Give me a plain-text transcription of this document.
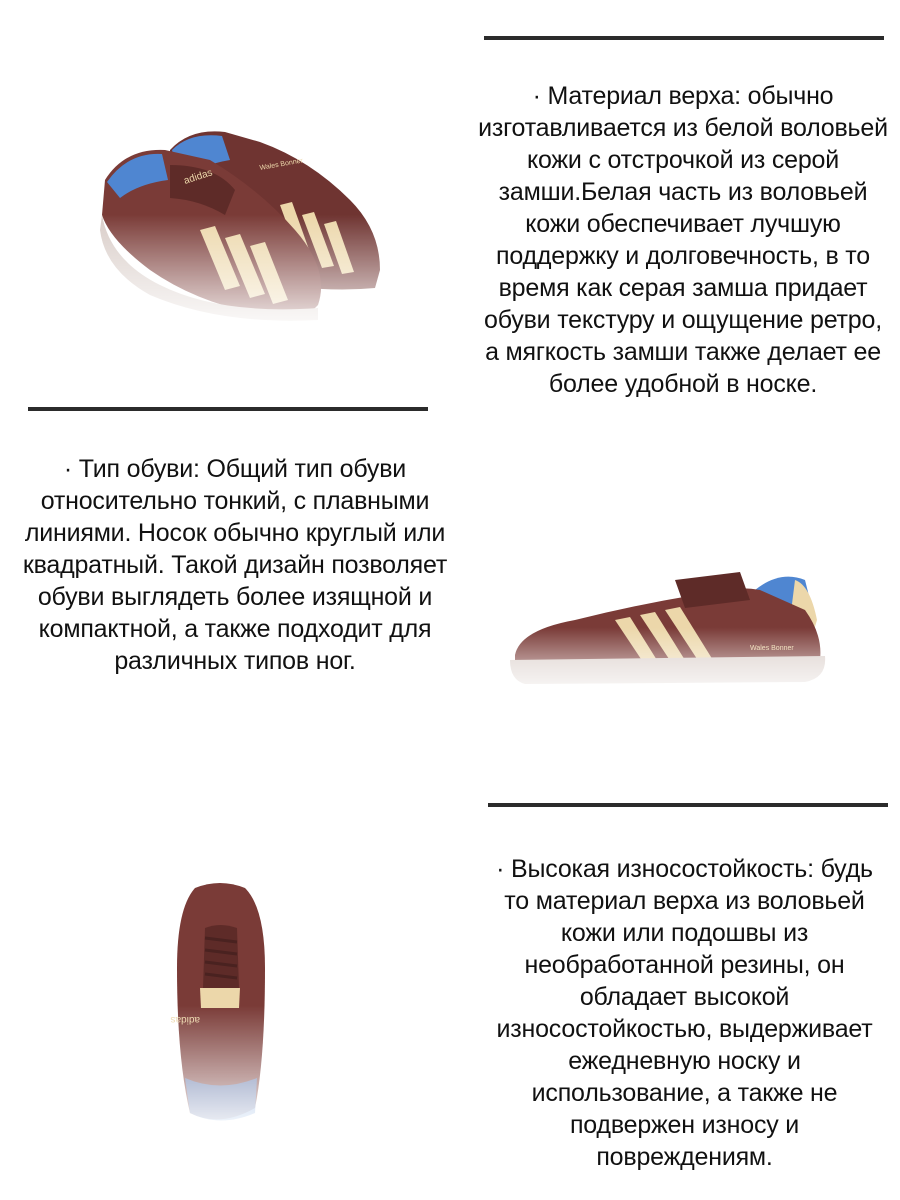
· Материал верха: обычно изготавливается из белой воловьей кожи с отстрочкой из серой замши.Белая часть из воловьей кожи обеспечивает лучшую поддержку и долговечность, в то время как серая замша придает обуви текстуру и ощущение ретро, а мягкость замши также делает ее более удобной в носке.
· Тип обуви: Общий тип обуви относительно тонкий, с плавными линиями. Носок обычно круглый или квадратный. Такой дизайн позволяет обуви выглядеть более изящной и компактной, а также подходит для различных типов ног.
· Высокая износостойкость: будь то материал верха из воловьей кожи или подошвы из необработанной резины, он обладает высокой износостойкостью, выдерживает ежедневную носку и использование, а также не подвержен износу и повреждениям.
